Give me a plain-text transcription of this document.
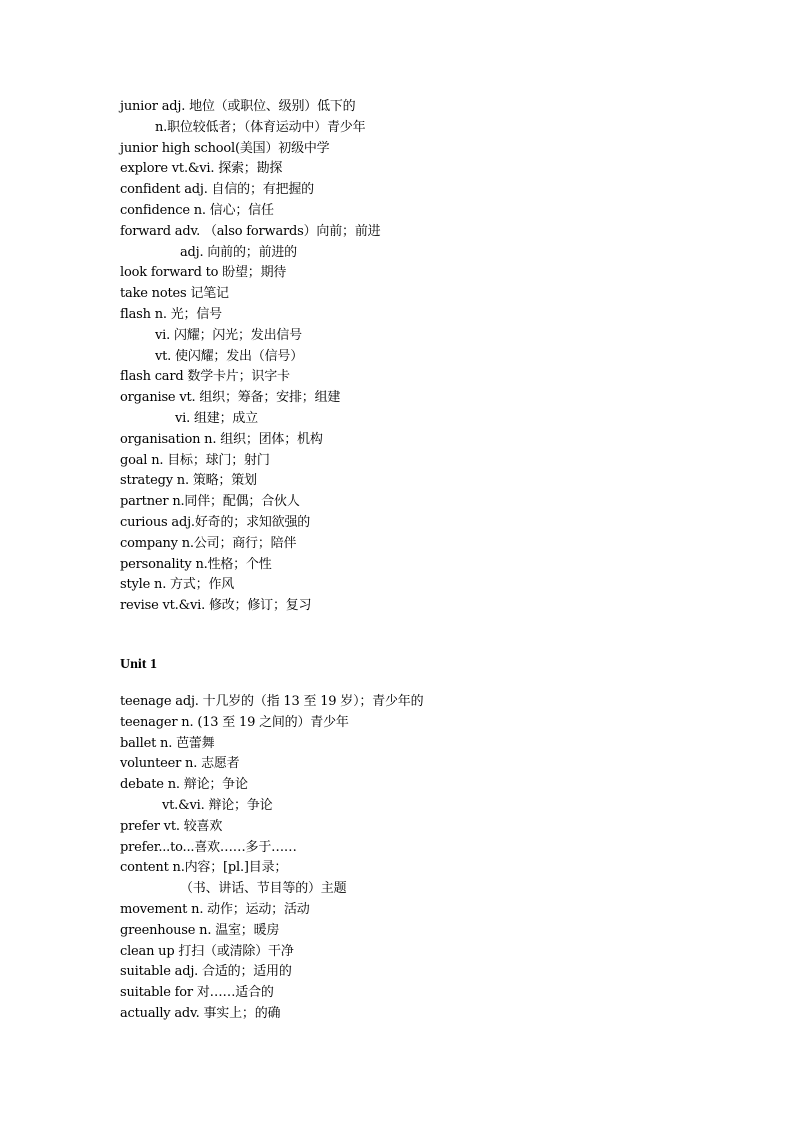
junior adj. 地位（或职位、级别）低下的
n.职位较低者；（体育运动中）青少年
junior high school(美国）初级中学
explore vt.&vi. 探索；勘探
confident adj. 自信的；有把握的
confidence n. 信心；信任
forward adv. （also forwards）向前；前进
adj. 向前的；前进的
look forward to 盼望；期待
take notes 记笔记
flash n. 光；信号
vi. 闪耀；闪光；发出信号
vt. 使闪耀；发出（信号）
flash card 数学卡片；识字卡
organise vt. 组织；筹备；安排；组建
vi. 组建；成立
organisation n. 组织；团体；机构
goal n. 目标；球门；射门
strategy n. 策略；策划
partner n.同伴；配偶；合伙人
curious adj.好奇的；求知欲强的
company n.公司；商行；陪伴
personality n.性格；个性
style n. 方式；作风
revise vt.&vi. 修改；修订；复习
Unit 1
teenage adj. 十几岁的（指 13 至 19 岁）；青少年的
teenager n. (13 至 19 之间的）青少年
ballet n. 芭蕾舞
volunteer n. 志愿者
debate n. 辩论；争论
vt.&vi. 辩论；争论
prefer vt. 较喜欢
prefer...to...喜欢……多于……
content n.内容；[pl.]目录；
（书、讲话、节目等的）主题
movement n. 动作；运动；活动
greenhouse n. 温室；暖房
clean up 打扫（或清除）干净
suitable adj. 合适的；适用的
suitable for 对……适合的
actually adv. 事实上；的确
